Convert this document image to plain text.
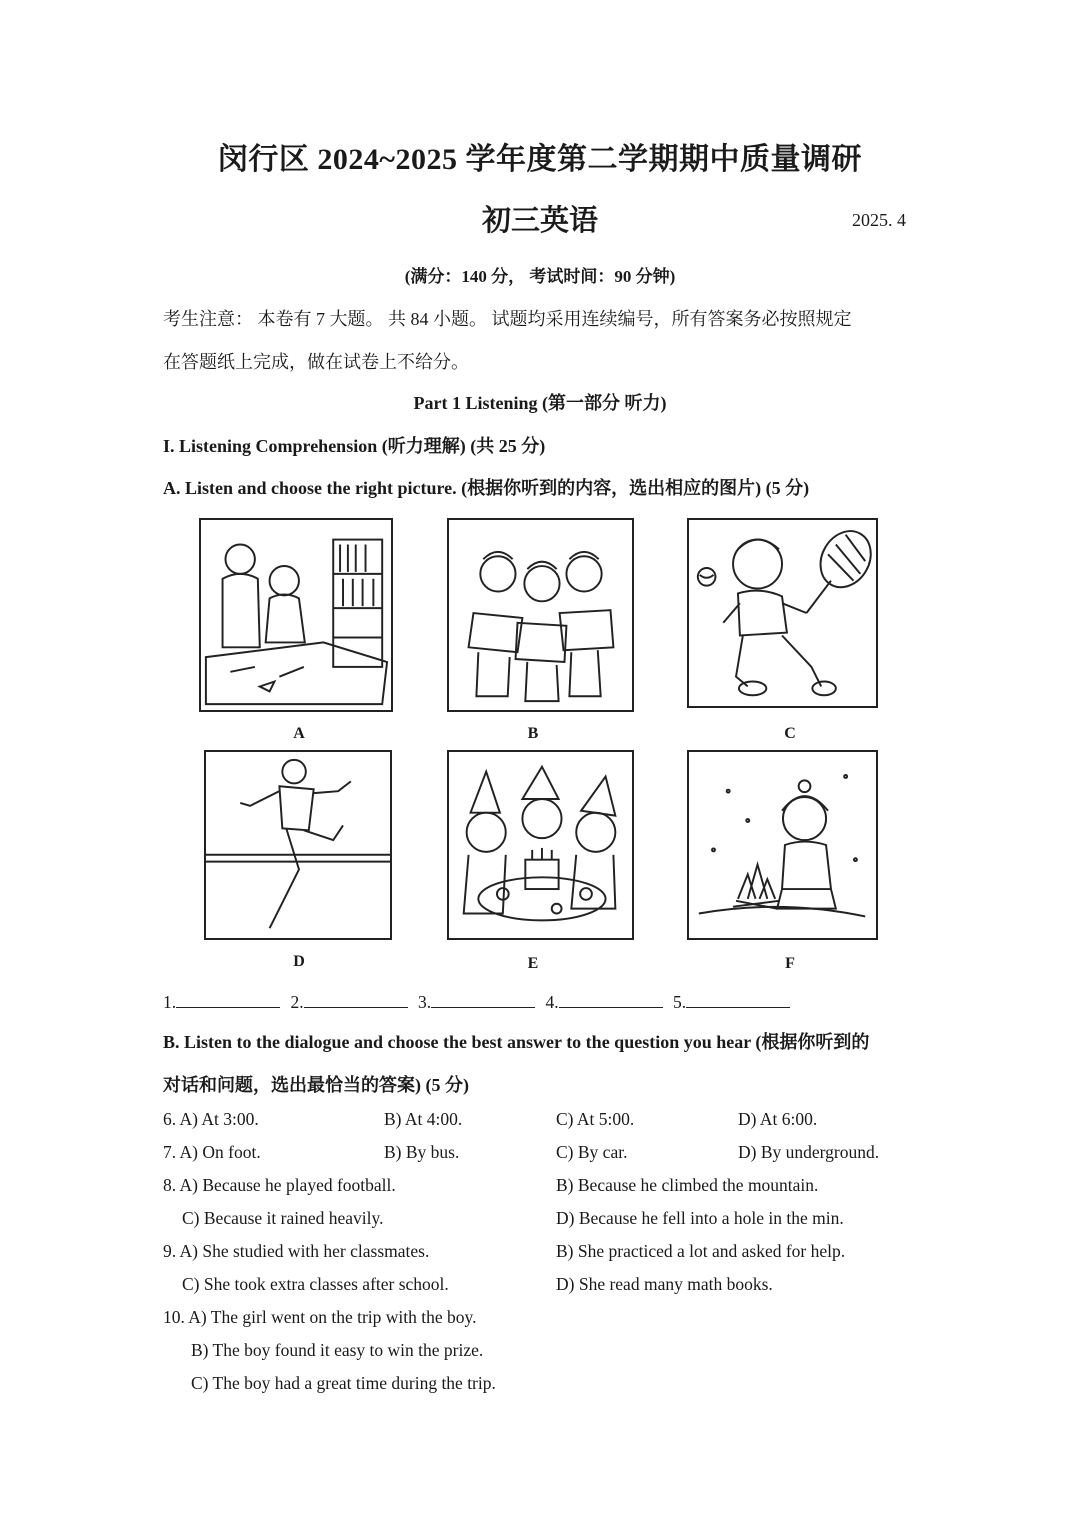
闵行区 2024~2025 学年度第二学期期中质量调研
初三英语	2025. 4
(满分：140 分， 考试时间：90 分钟)
考生注意： 本卷有 7 大题。 共 84 小题。 试题均采用连续编号，所有答案务必按照规定
在答题纸上完成，做在试卷上不给分。
Part 1 Listening (第一部分 听力)
I. Listening Comprehension (听力理解) (共 25 分)
A. Listen and choose the right picture. (根据你听到的内容，选出相应的图片) (5 分)
A	B	C
D	E	F
1.	2.	3.	4.	5.
B. Listen to the dialogue and choose the best answer to the question you hear (根据你听到的
对话和问题，选出最恰当的答案) (5 分)
6. A) At 3:00.	B) At 4:00.	C) At 5:00.	D) At 6:00.
7. A) On foot.	B) By bus.	C) By car.	D) By underground.
8. A) Because he played football.	B) Because he climbed the mountain.
C) Because it rained heavily.	D) Because he fell into a hole in the min.
9. A) She studied with her classmates.	B) She practiced a lot and asked for help.
C) She took extra classes after school.	D) She read many math books.
10. A) The girl went on the trip with the boy.
B) The boy found it easy to win the prize.
C) The boy had a great time during the trip.
